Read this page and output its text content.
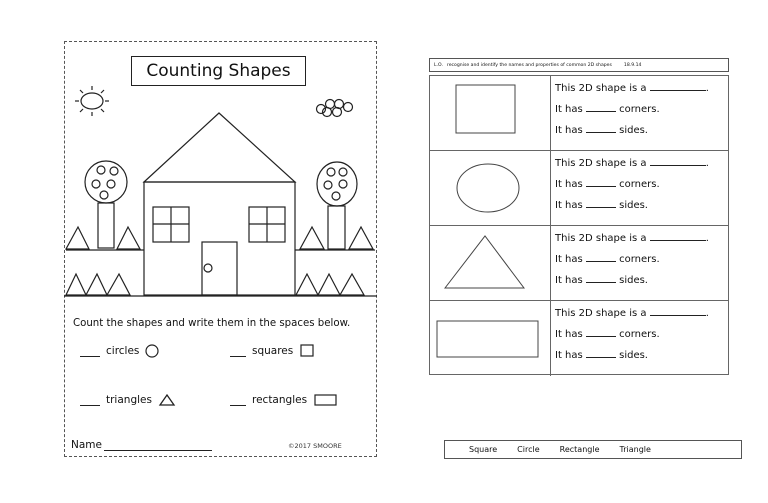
Counting Shapes
Count the shapes and write them in the spaces below.
circles	squares
triangles	rectangles
Name	©2017 SMOORE
L.O. recognise and identify the names and properties of common 2D shapes	18.9.14
This 2D shape is a	.
It has	corners.
It has	sides.
This 2D shape is a	.
It has	corners.
It has	sides.
This 2D shape is a	.
It has	corners.
It has	sides.
This 2D shape is a	.
It has	corners.
It has	sides.
Square	Circle	Rectangle	Triangle
